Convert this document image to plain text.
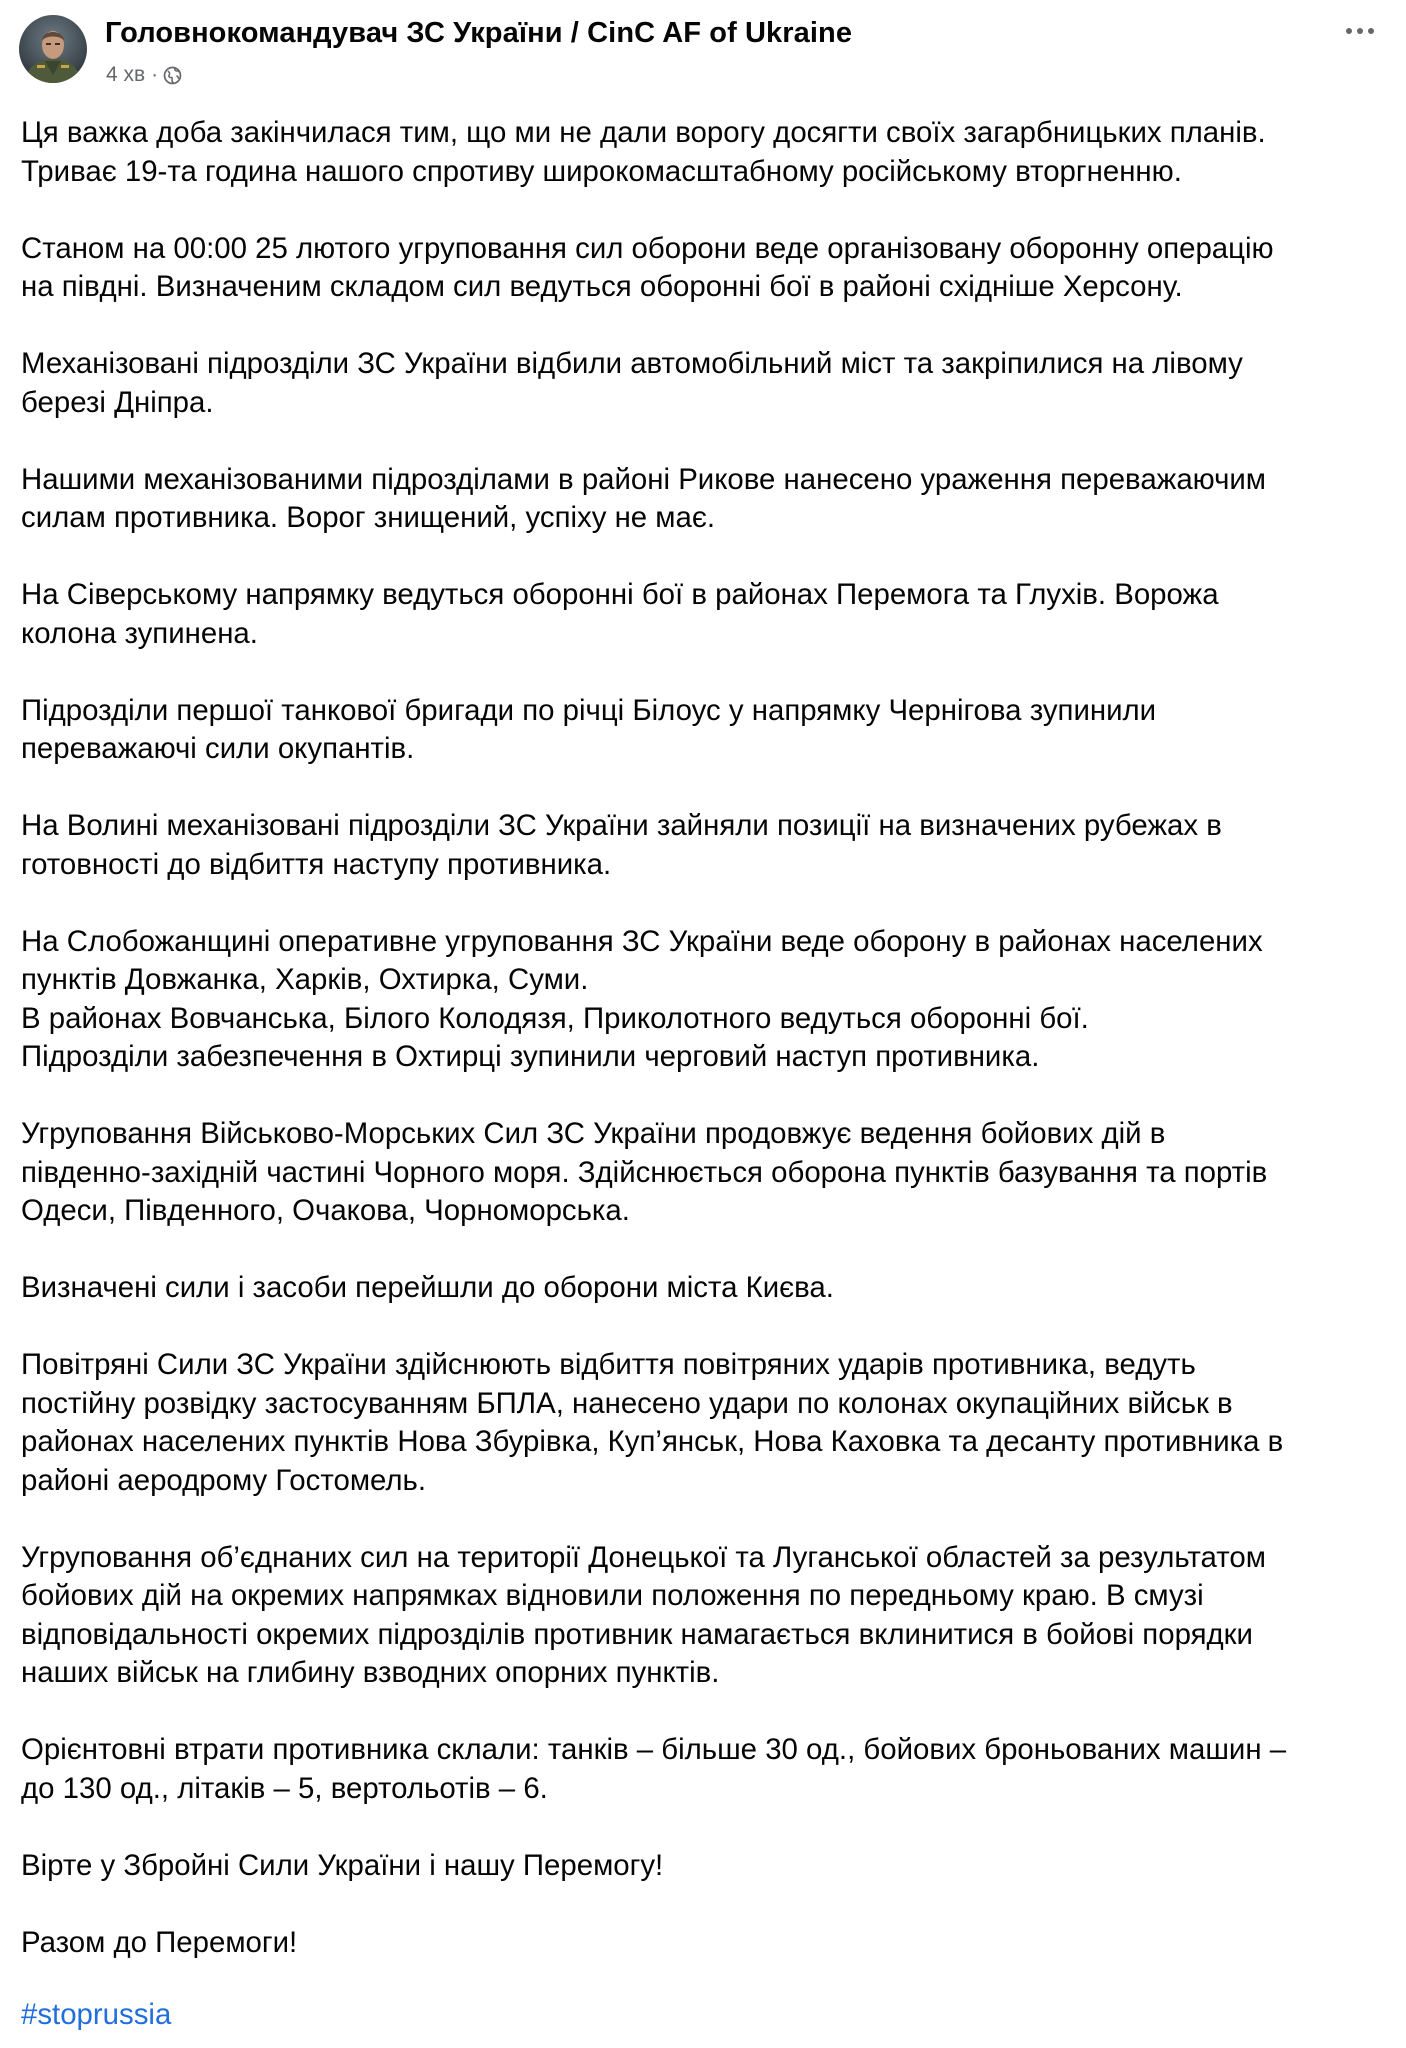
Головнокомандувач ЗС України / CinC AF of Ukraine
4 хв ·

Ця важка доба закінчилася тим, що ми не дали ворогу досягти своїх загарбницьких планів.
Триває 19-та година нашого спротиву широкомасштабному російському вторгненню.

Станом на 00:00 25 лютого угруповання сил оборони веде організовану оборонну операцію
на півдні. Визначеним складом сил ведуться оборонні бої в районі східніше Херсону.

Механізовані підрозділи ЗС України відбили автомобільний міст та закріпилися на лівому
березі Дніпра.

Нашими механізованими підрозділами в районі Рикове нанесено ураження переважаючим
силам противника. Ворог знищений, успіху не має.

На Сіверському напрямку ведуться оборонні бої в районах Перемога та Глухів. Ворожа
колона зупинена.

Підрозділи першої танкової бригади по річці Білоус у напрямку Чернігова зупинили
переважаючі сили окупантів.

На Волині механізовані підрозділи ЗС України зайняли позиції на визначених рубежах в
готовності до відбиття наступу противника.

На Слобожанщині оперативне угруповання ЗС України веде оборону в районах населених
пунктів Довжанка, Харків, Охтирка, Суми.

В районах Вовчанська, Білого Колодязя, Приколотного ведуться оборонні бої.

Підрозділи забезпечення в Охтирці зупинили черговий наступ противника.

Угруповання Військово-Морських Сил ЗС України продовжує ведення бойових дій в
південно-західній частині Чорного моря. Здійснюється оборона пунктів базування та портів
Одеси, Південного, Очакова, Чорноморська.

Визначені сили і засоби перейшли до оборони міста Києва.

Повітряні Сили ЗС України здійснюють відбиття повітряних ударів противника, ведуть
постійну розвідку застосуванням БПЛА, нанесено удари по колонах окупаційних військ в
районах населених пунктів Нова Збурівка, Куп’янськ, Нова Каховка та десанту противника в
районі аеродрому Гостомель.

Угруповання об’єднаних сил на території Донецької та Луганської областей за результатом
бойових дій на окремих напрямках відновили положення по передньому краю. В смузі
відповідальності окремих підрозділів противник намагається вклинитися в бойові порядки
наших військ на глибину взводних опорних пунктів.

Орієнтовні втрати противника склали: танків – більше 30 од., бойових броньованих машин –
до 130 од., літаків – 5, вертольотів – 6.

Вірте у Збройні Сили України і нашу Перемогу!

Разом до Перемоги!

#stoprussia
